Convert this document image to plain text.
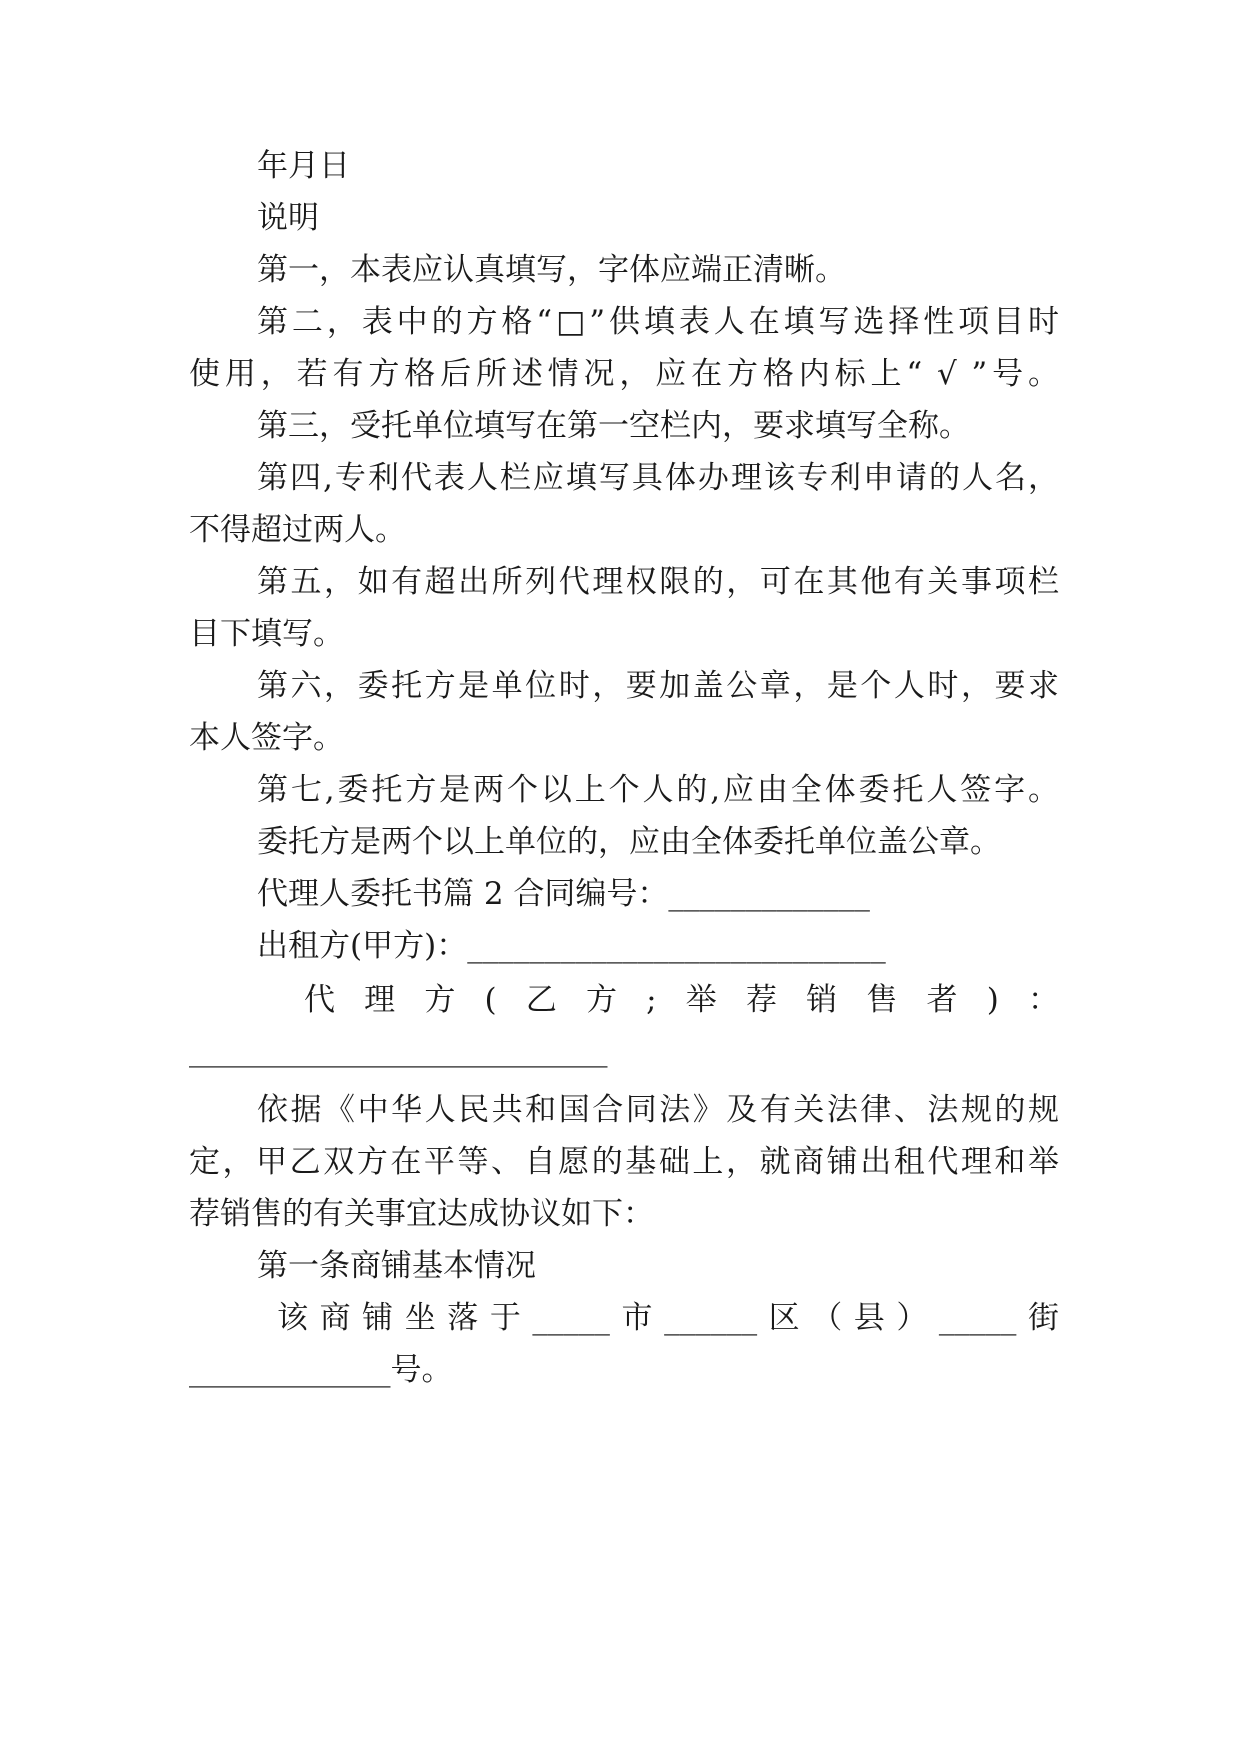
年月日
说明
第一，本表应认真填写，字体应端正清晰。
第二，表中的方格“□”供填表人在填写选择性项目时
使用，若有方格后所述情况，应在方格内标上“ √ ”号。
第三，受托单位填写在第一空栏内，要求填写全称。
第四,专利代表人栏应填写具体办理该专利申请的人名，
不得超过两人。
第五，如有超出所列代理权限的，可在其他有关事项栏
目下填写。
第六，委托方是单位时，要加盖公章，是个人时，要求
本人签字。
第七,委托方是两个以上个人的,应由全体委托人签字。
委托方是两个以上单位的，应由全体委托单位盖公章。
代理人委托书篇 2 合同编号：_____________
出租方(甲方)：___________________________
代理方(乙方;举荐销售者)：
___________________________
依据《中华人民共和国合同法》及有关法律、法规的规
定，甲乙双方在平等、自愿的基础上，就商铺出租代理和举
荐销售的有关事宜达成协议如下：
第一条商铺基本情况
该商铺坐落于_____市______区（县）_____街
_____________号。
